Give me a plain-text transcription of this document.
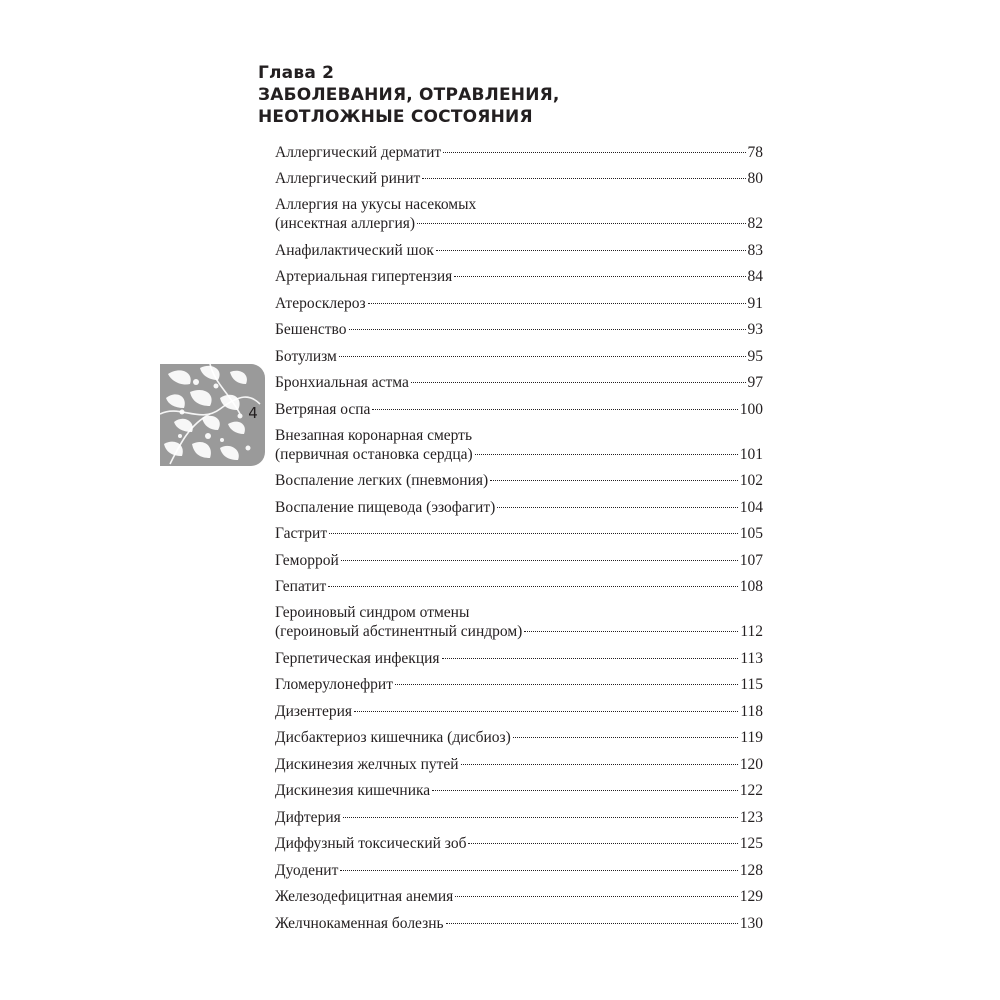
Глава 2
ЗАБОЛЕВАНИЯ, ОТРАВЛЕНИЯ,
НЕОТЛОЖНЫЕ СОСТОЯНИЯ
4
Аллергический дерматит	78
Аллергический ринит	80
Аллергия на укусы насекомых
(инсектная аллергия)	82
Анафилактический шок	83
Артериальная гипертензия	84
Атеросклероз	91
Бешенство	93
Ботулизм	95
Бронхиальная астма	97
Ветряная оспа	100
Внезапная коронарная смерть
(первичная остановка сердца)	101
Воспаление легких (пневмония)	102
Воспаление пищевода (эзофагит)	104
Гастрит	105
Геморрой	107
Гепатит	108
Героиновый синдром отмены
(героиновый абстинентный синдром)	112
Герпетическая инфекция	113
Гломерулонефрит	115
Дизентерия	118
Дисбактериоз кишечника (дисбиоз)	119
Дискинезия желчных путей	120
Дискинезия кишечника	122
Дифтерия	123
Диффузный токсический зоб	125
Дуоденит	128
Железодефицитная анемия	129
Желчнокаменная болезнь	130
